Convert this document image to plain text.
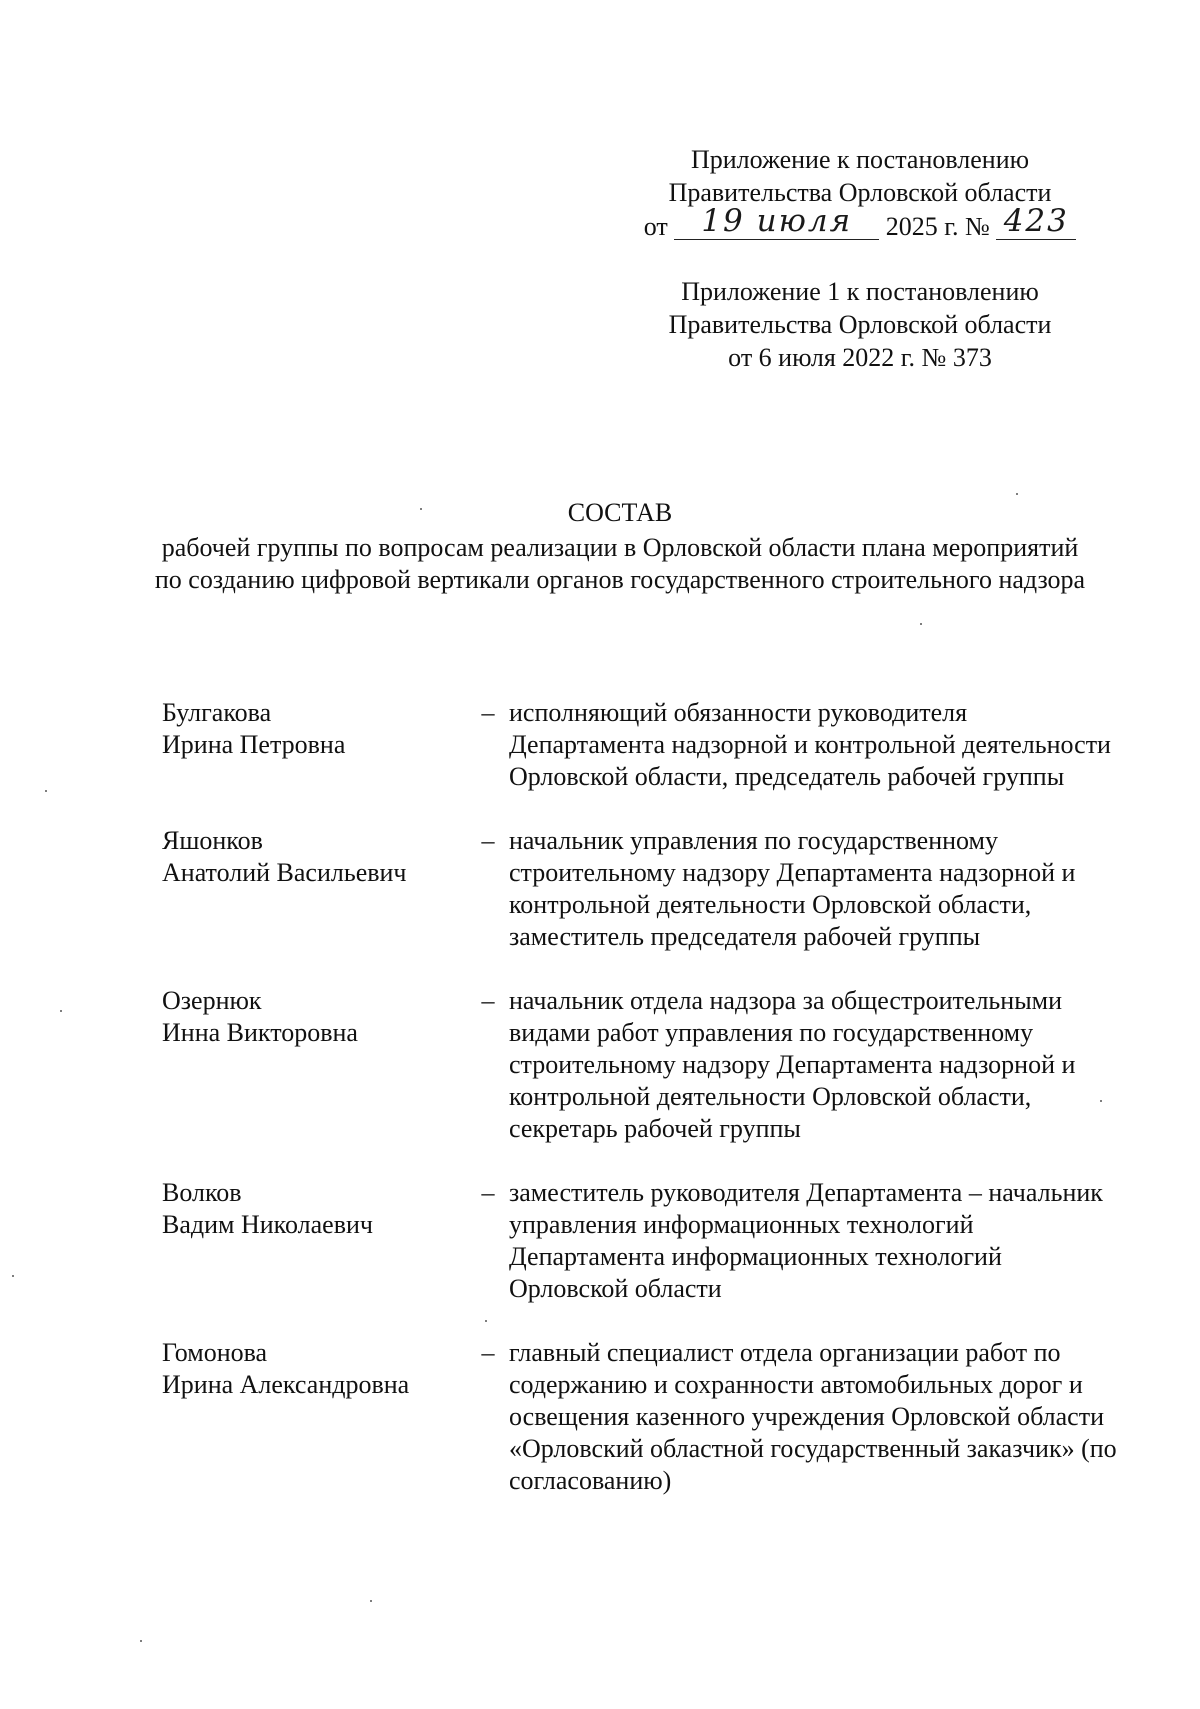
Приложение к постановлению
Правительства Орловской области
от 19 июля 2025 г. № 423
Приложение 1 к постановлению
Правительства Орловской области
от 6 июля 2022 г. № 373
СОСТАВ
рабочей группы по вопросам реализации в Орловской области плана мероприятий по созданию цифровой вертикали органов государственного строительного надзора
Булгакова
Ирина Петровна
– исполняющий обязанности руководителя Департамента надзорной и контрольной деятельности Орловской области, председатель рабочей группы
Яшонков
Анатолий Васильевич
– начальник управления по государственному строительному надзору Департамента надзорной и контрольной деятельности Орловской области, заместитель председателя рабочей группы
Озернюк
Инна Викторовна
– начальник отдела надзора за общестроительными видами работ управления по государственному строительному надзору Департамента надзорной и контрольной деятельности Орловской области, секретарь рабочей группы
Волков
Вадим Николаевич
– заместитель руководителя Департамента – начальник управления информационных технологий Департамента информационных технологий Орловской области
Гомонова
Ирина Александровна
– главный специалист отдела организации работ по содержанию и сохранности автомобильных дорог и освещения казенного учреждения Орловской области «Орловский областной государственный заказчик» (по согласованию)
